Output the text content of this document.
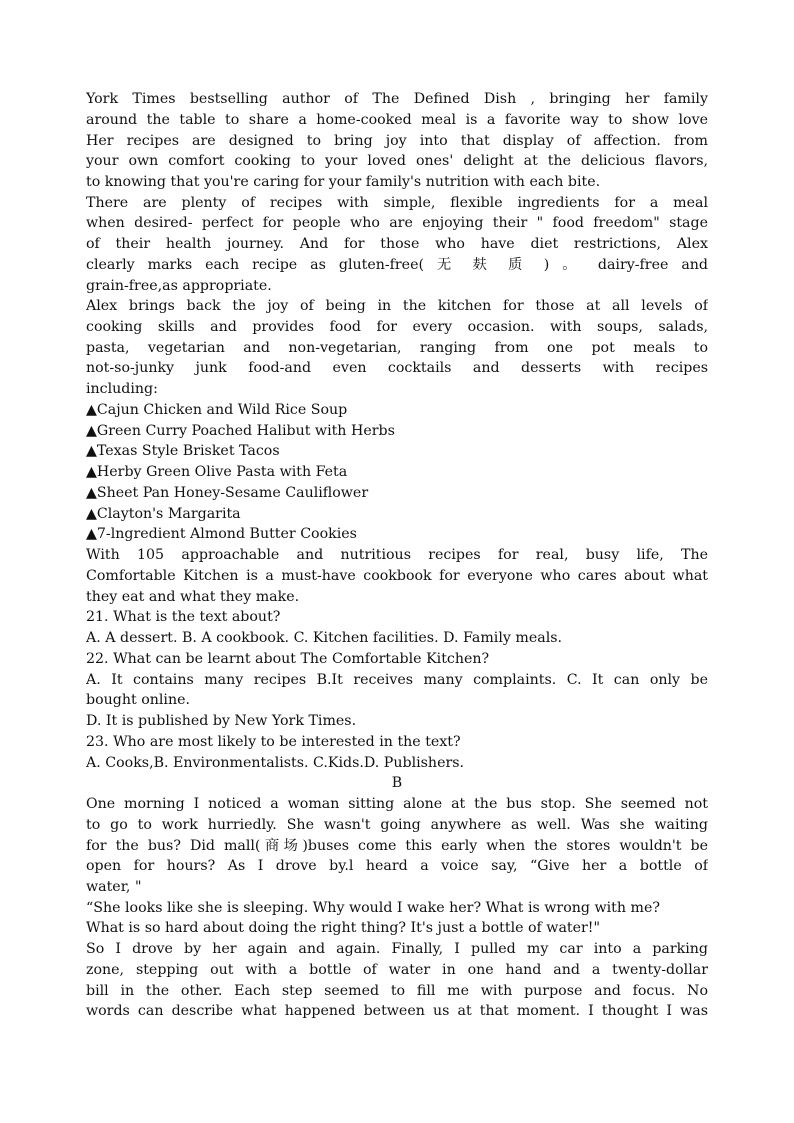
York Times bestselling author of The Defined Dish , bringing her family
around the table to share a home-cooked meal is a favorite way to show love
Her recipes are designed to bring joy into that display of affection. from
your own comfort cooking to your loved ones' delight at the delicious flavors,
to knowing that you're caring for your family's nutrition with each bite.
There are plenty of recipes with simple, flexible ingredients for a meal
when desired- perfect for people who are enjoying their " food freedom" stage
of their health journey. And for those who have diet restrictions, Alex
clearly marks each recipe as gluten-free( 无 麸 质 ) 。 dairy-free and
grain-free,as appropriate.
Alex brings back the joy of being in the kitchen for those at all levels of
cooking skills and provides food for every occasion. with soups, salads,
pasta, vegetarian and non-vegetarian, ranging from one pot meals to
not-so-junky junk food-and even cocktails and desserts with recipes
including:
▲Cajun Chicken and Wild Rice Soup
▲Green Curry Poached Halibut with Herbs
▲Texas Style Brisket Tacos
▲Herby Green Olive Pasta with Feta
▲Sheet Pan Honey-Sesame Cauliflower
▲Clayton's Margarita
▲7-lngredient Almond Butter Cookies
With 105 approachable and nutritious recipes for real, busy life, The
Comfortable Kitchen is a must-have cookbook for everyone who cares about what
they eat and what they make.
21. What is the text about?
A. A dessert. B. A cookbook. C. Kitchen facilities. D. Family meals.
22. What can be learnt about The Comfortable Kitchen?
A. It contains many recipes B.It receives many complaints. C. It can only be
bought online.
D. It is published by New York Times.
23. Who are most likely to be interested in the text?
A. Cooks,B. Environmentalists. C.Kids.D. Publishers.
B
One morning I noticed a woman sitting alone at the bus stop. She seemed not
to go to work hurriedly. She wasn't going anywhere as well. Was she waiting
for the bus? Did mall(商场)buses come this early when the stores wouldn't be
open for hours? As I drove by.l heard a voice say, “Give her a bottle of
water, "
“She looks like she is sleeping. Why would I wake her? What is wrong with me?
What is so hard about doing the right thing? It's just a bottle of water!"
So I drove by her again and again. Finally, I pulled my car into a parking
zone, stepping out with a bottle of water in one hand and a twenty-dollar
bill in the other. Each step seemed to fill me with purpose and focus. No
words can describe what happened between us at that moment. I thought I was
